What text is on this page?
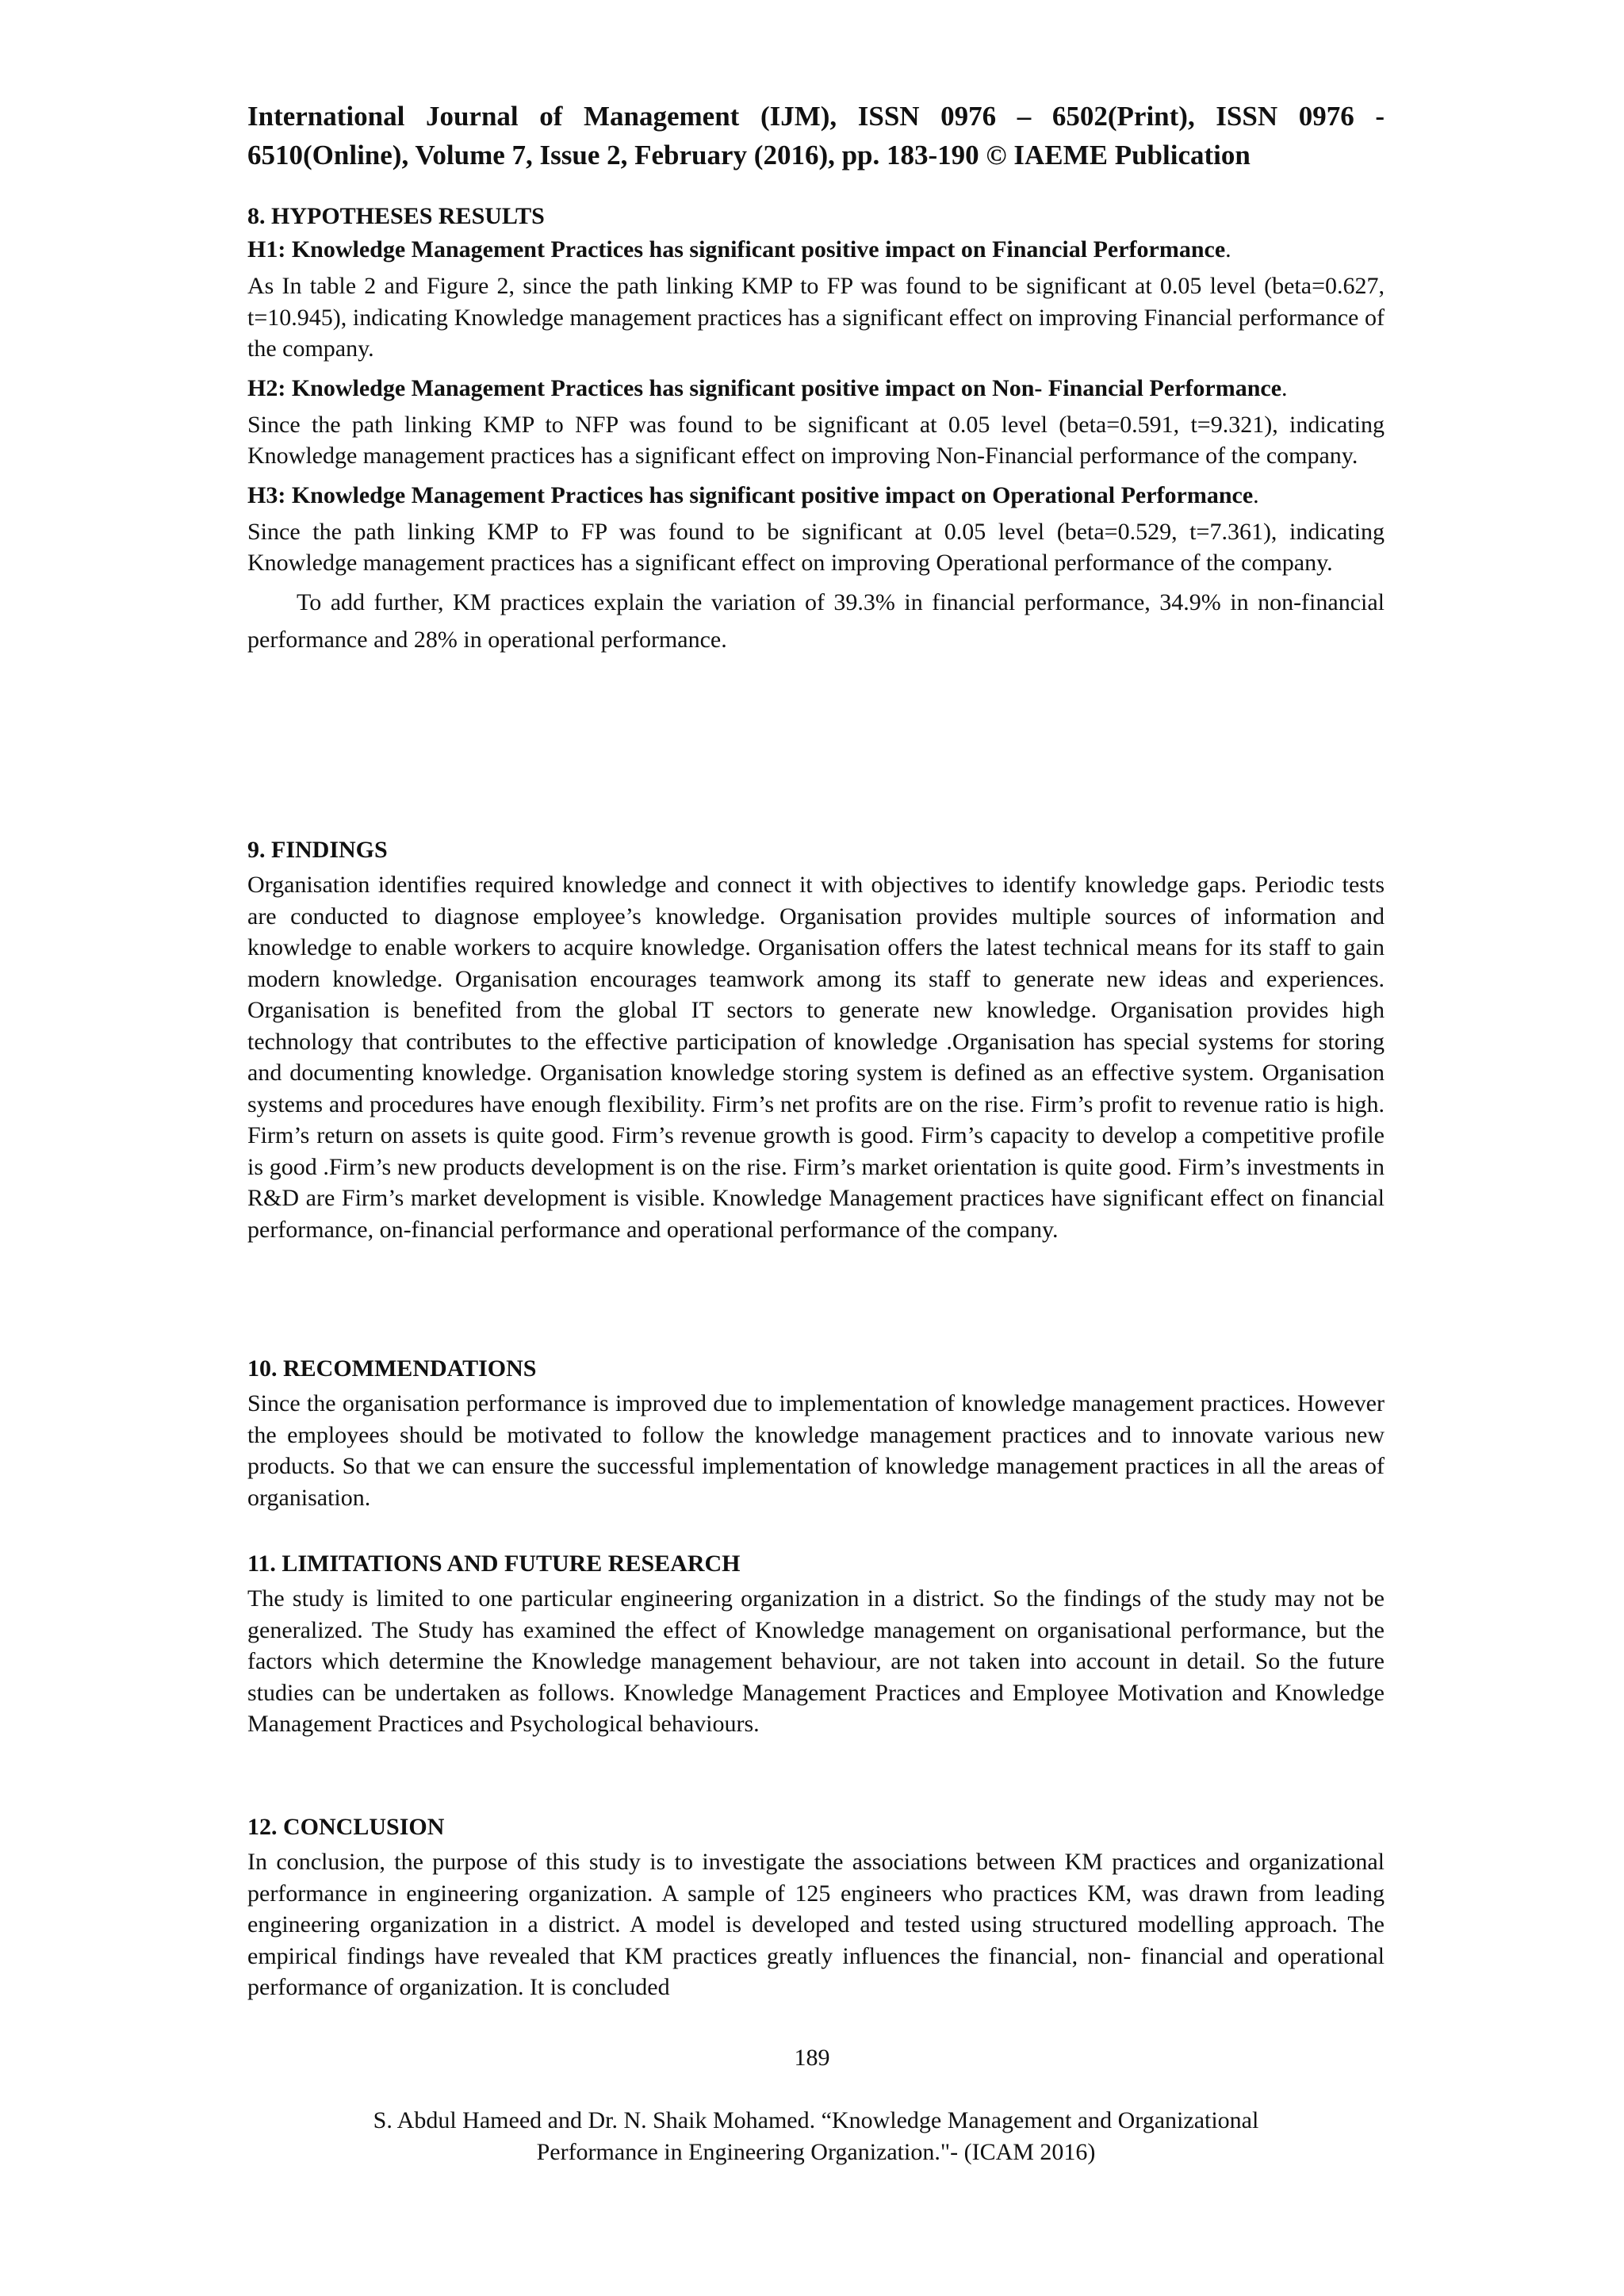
International Journal of Management (IJM), ISSN 0976 – 6502(Print), ISSN 0976 - 6510(Online), Volume 7, Issue 2, February (2016), pp. 183-190 © IAEME Publication

8. HYPOTHESES RESULTS

H1: Knowledge Management Practices has significant positive impact on Financial Performance.

As In table 2 and Figure 2, since the path linking KMP to FP was found to be significant at 0.05 level (beta=0.627, t=10.945), indicating Knowledge management practices has a significant effect on improving Financial performance of the company.

H2: Knowledge Management Practices has significant positive impact on Non- Financial Performance.

Since the path linking KMP to NFP was found to be significant at 0.05 level (beta=0.591, t=9.321), indicating Knowledge management practices has a significant effect on improving Non-Financial performance of the company.

H3: Knowledge Management Practices has significant positive impact on Operational Performance.

Since the path linking KMP to FP was found to be significant at 0.05 level (beta=0.529, t=7.361), indicating Knowledge management practices has a significant effect on improving Operational performance of the company.

To add further, KM practices explain the variation of 39.3% in financial performance, 34.9% in non-financial performance and 28% in operational performance.

9. FINDINGS

Organisation identifies required knowledge and connect it with objectives to identify knowledge gaps. Periodic tests are conducted to diagnose employee’s knowledge. Organisation provides multiple sources of information and knowledge to enable workers to acquire knowledge. Organisation offers the latest technical means for its staff to gain modern knowledge. Organisation encourages teamwork among its staff to generate new ideas and experiences. Organisation is benefited from the global IT sectors to generate new knowledge. Organisation provides high technology that contributes to the effective participation of knowledge .Organisation has special systems for storing and documenting knowledge. Organisation knowledge storing system is defined as an effective system. Organisation systems and procedures have enough flexibility. Firm’s net profits are on the rise. Firm’s profit to revenue ratio is high. Firm’s return on assets is quite good. Firm’s revenue growth is good. Firm’s capacity to develop a competitive profile is good .Firm’s new products development is on the rise. Firm’s market orientation is quite good. Firm’s investments in R&D are Firm’s market development is visible. Knowledge Management practices have significant effect on financial performance, on-financial performance and operational performance of the company.

10. RECOMMENDATIONS

Since the organisation performance is improved due to implementation of knowledge management practices. However the employees should be motivated to follow the knowledge management practices and to innovate various new products. So that we can ensure the successful implementation of knowledge management practices in all the areas of organisation.

11. LIMITATIONS AND FUTURE RESEARCH

The study is limited to one particular engineering organization in a district. So the findings of the study may not be generalized. The Study has examined the effect of Knowledge management on organisational performance, but the factors which determine the Knowledge management behaviour, are not taken into account in detail. So the future studies can be undertaken as follows. Knowledge Management Practices and Employee Motivation and Knowledge Management Practices and Psychological behaviours.

12. CONCLUSION

In conclusion, the purpose of this study is to investigate the associations between KM practices and organizational performance in engineering organization. A sample of 125 engineers who practices KM, was drawn from leading engineering organization in a district. A model is developed and tested using structured modelling approach. The empirical findings have revealed that KM practices greatly influences the financial, non- financial and operational performance of organization. It is concluded

189

S. Abdul Hameed and Dr. N. Shaik Mohamed. “Knowledge Management and Organizational
Performance in Engineering Organization."- (ICAM 2016)
